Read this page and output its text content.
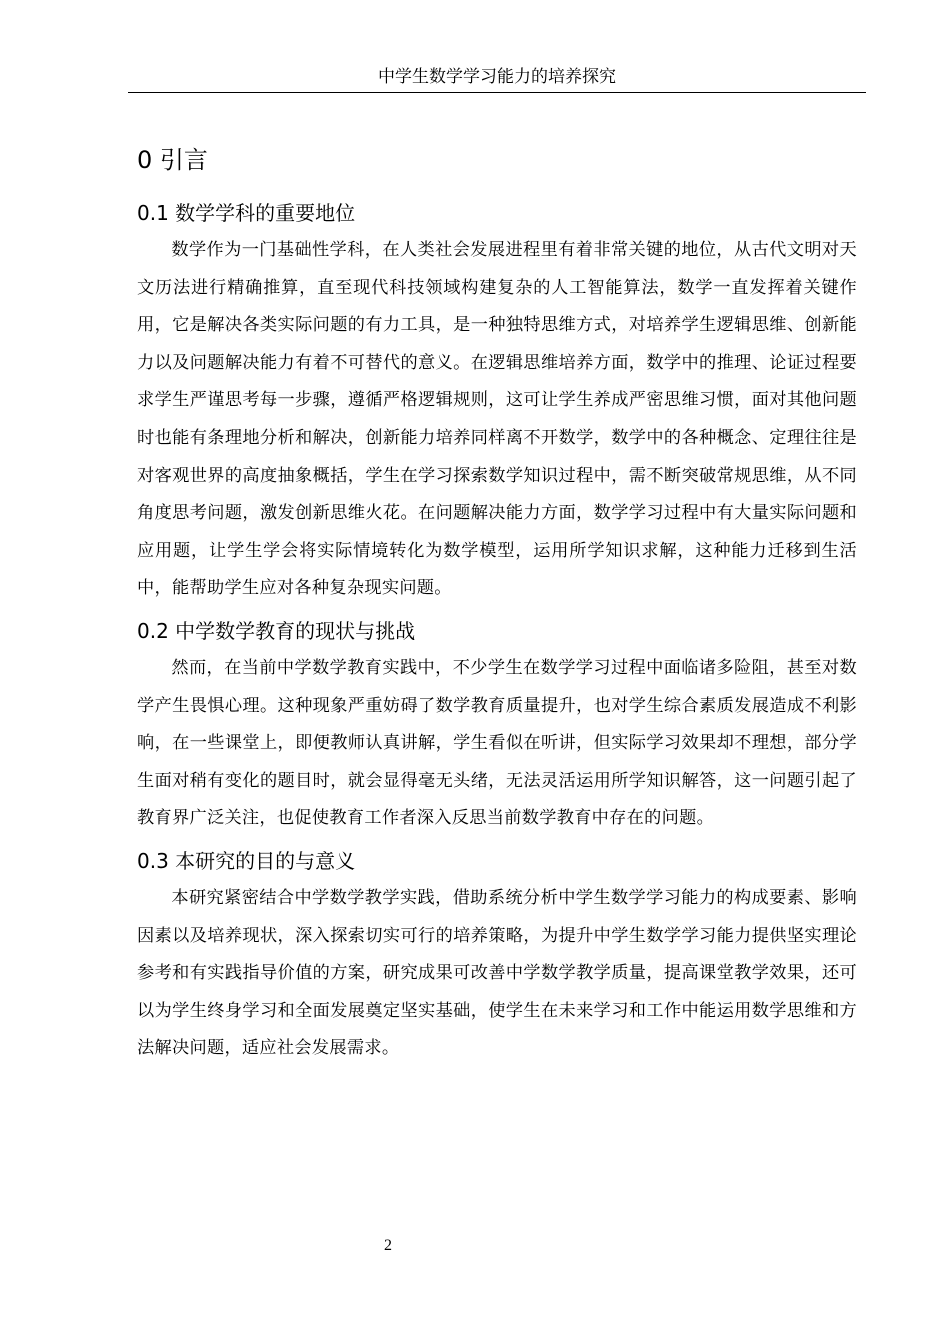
中学生数学学习能力的培养探究
0 引言
0.1 数学学科的重要地位

数学作为一门基础性学科，在人类社会发展进程里有着非常关键的地位，从古代文明对天文历法进行精确推算，直至现代科技领域构建复杂的人工智能算法，数学一直发挥着关键作用，它是解决各类实际问题的有力工具，是一种独特思维方式，对培养学生逻辑思维、创新能力以及问题解决能力有着不可替代的意义。在逻辑思维培养方面，数学中的推理、论证过程要求学生严谨思考每一步骤，遵循严格逻辑规则，这可让学生养成严密思维习惯，面对其他问题时也能有条理地分析和解决，创新能力培养同样离不开数学，数学中的各种概念、定理往往是对客观世界的高度抽象概括，学生在学习探索数学知识过程中，需不断突破常规思维，从不同角度思考问题，激发创新思维火花。在问题解决能力方面，数学学习过程中有大量实际问题和应用题，让学生学会将实际情境转化为数学模型，运用所学知识求解，这种能力迁移到生活中，能帮助学生应对各种复杂现实问题。

0.2 中学数学教育的现状与挑战

然而，在当前中学数学教育实践中，不少学生在数学学习过程中面临诸多险阻，甚至对数学产生畏惧心理。这种现象严重妨碍了数学教育质量提升，也对学生综合素质发展造成不利影响，在一些课堂上，即便教师认真讲解，学生看似在听讲，但实际学习效果却不理想，部分学生面对稍有变化的题目时，就会显得毫无头绪，无法灵活运用所学知识解答，这一问题引起了教育界广泛关注，也促使教育工作者深入反思当前数学教育中存在的问题。

0.3 本研究的目的与意义

本研究紧密结合中学数学教学实践，借助系统分析中学生数学学习能力的构成要素、影响因素以及培养现状，深入探索切实可行的培养策略，为提升中学生数学学习能力提供坚实理论参考和有实践指导价值的方案，研究成果可改善中学数学教学质量，提高课堂教学效果，还可以为学生终身学习和全面发展奠定坚实基础，使学生在未来学习和工作中能运用数学思维和方法解决问题，适应社会发展需求。

2
